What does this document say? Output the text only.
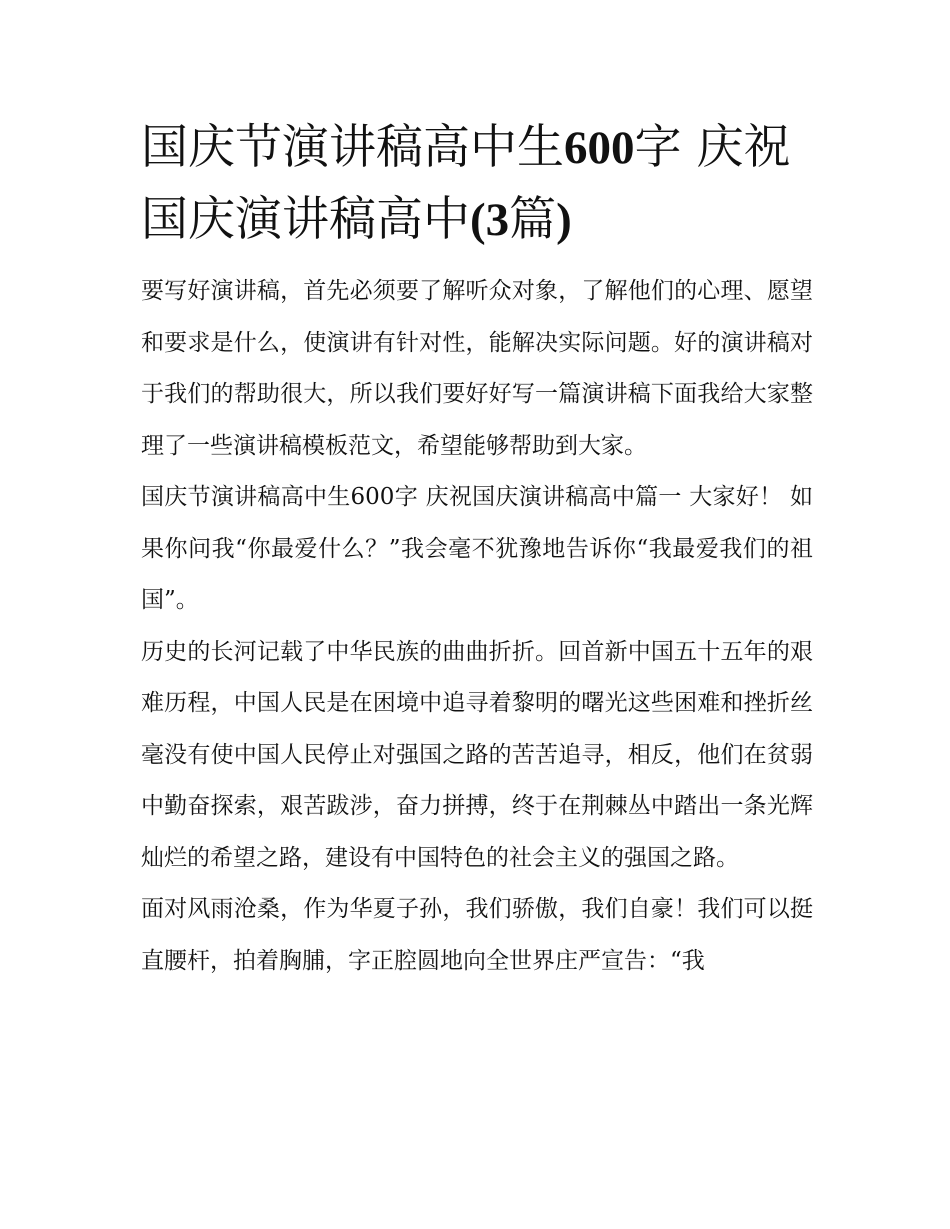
国庆节演讲稿高中生600字 庆祝国庆演讲稿高中(3篇)

要写好演讲稿，首先必须要了解听众对象，了解他们的心理、愿望和要求是什么，使演讲有针对性，能解决实际问题。好的演讲稿对于我们的帮助很大，所以我们要好好写一篇演讲稿下面我给大家整理了一些演讲稿模板范文，希望能够帮助到大家。

国庆节演讲稿高中生600字 庆祝国庆演讲稿高中篇一 大家好！ 如果你问我“你最爱什么？”我会毫不犹豫地告诉你“我最爱我们的祖国”。

历史的长河记载了中华民族的曲曲折折。回首新中国五十五年的艰难历程，中国人民是在困境中追寻着黎明的曙光这些困难和挫折丝毫没有使中国人民停止对强国之路的苦苦追寻，相反，他们在贫弱中勤奋探索，艰苦跋涉，奋力拼搏，终于在荆棘丛中踏出一条光辉灿烂的希望之路，建设有中国特色的社会主义的强国之路。

面对风雨沧桑，作为华夏子孙，我们骄傲，我们自豪！我们可以挺直腰杆，拍着胸脯，字正腔圆地向全世界庄严宣告：“我
